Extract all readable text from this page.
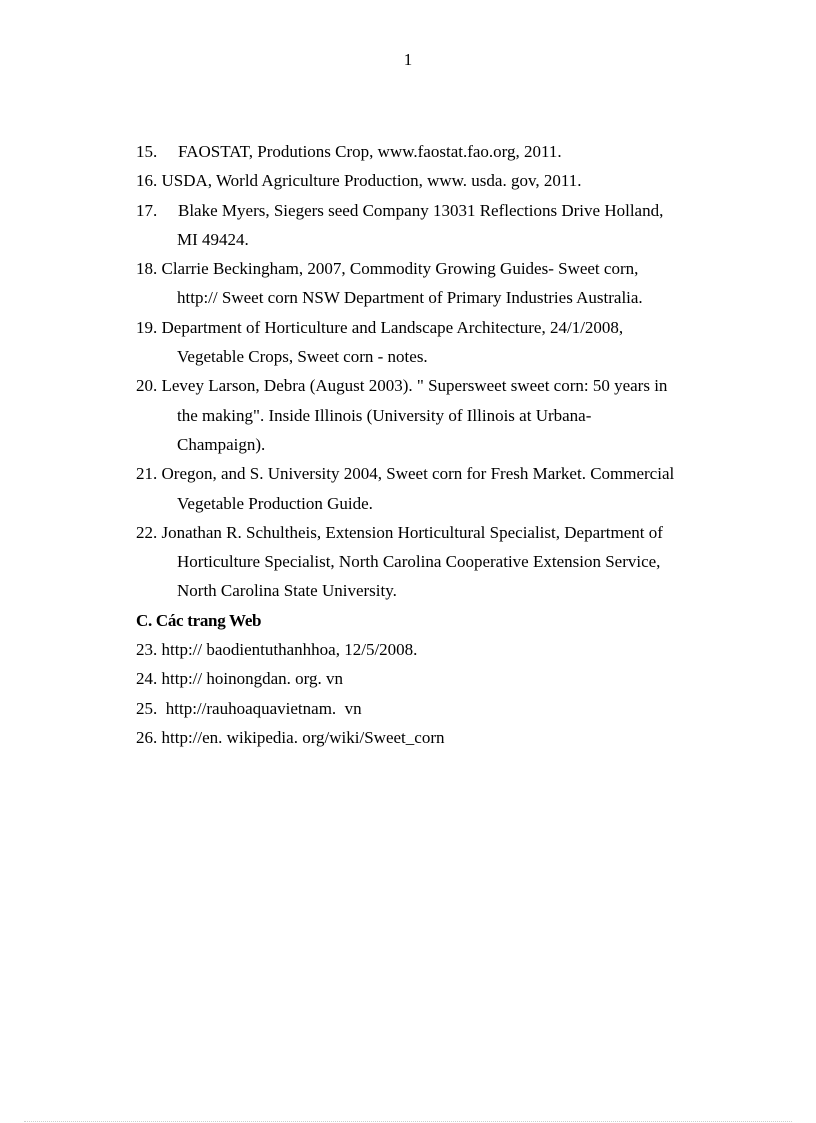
1
15. FAOSTAT, Produtions Crop, www.faostat.fao.org, 2011.
16. USDA, World Agriculture Production, www. usda. gov, 2011.
17. Blake Myers, Siegers seed Company 13031 Reflections Drive Holland,
MI 49424.
18. Clarrie Beckingham, 2007, Commodity Growing Guides- Sweet corn,
http:// Sweet corn NSW Department of Primary Industries Australia.
19. Department of Horticulture and Landscape Architecture, 24/1/2008,
Vegetable Crops, Sweet corn - notes.
20. Levey Larson, Debra (August 2003). " Supersweet sweet corn: 50 years in
the making". Inside Illinois (University of Illinois at Urbana-
Champaign).
21. Oregon, and S. University 2004, Sweet corn for Fresh Market. Commercial
Vegetable Production Guide.
22. Jonathan R. Schultheis, Extension Horticultural Specialist, Department of
Horticulture Specialist, North Carolina Cooperative Extension Service,
North Carolina State University.
C. Các trang Web
23. http:// baodientuthanhhoa, 12/5/2008.
24. http:// hoinongdan. org. vn
25.  http://rauhoaquavietnam.  vn
26. http://en. wikipedia. org/wiki/Sweet_corn
